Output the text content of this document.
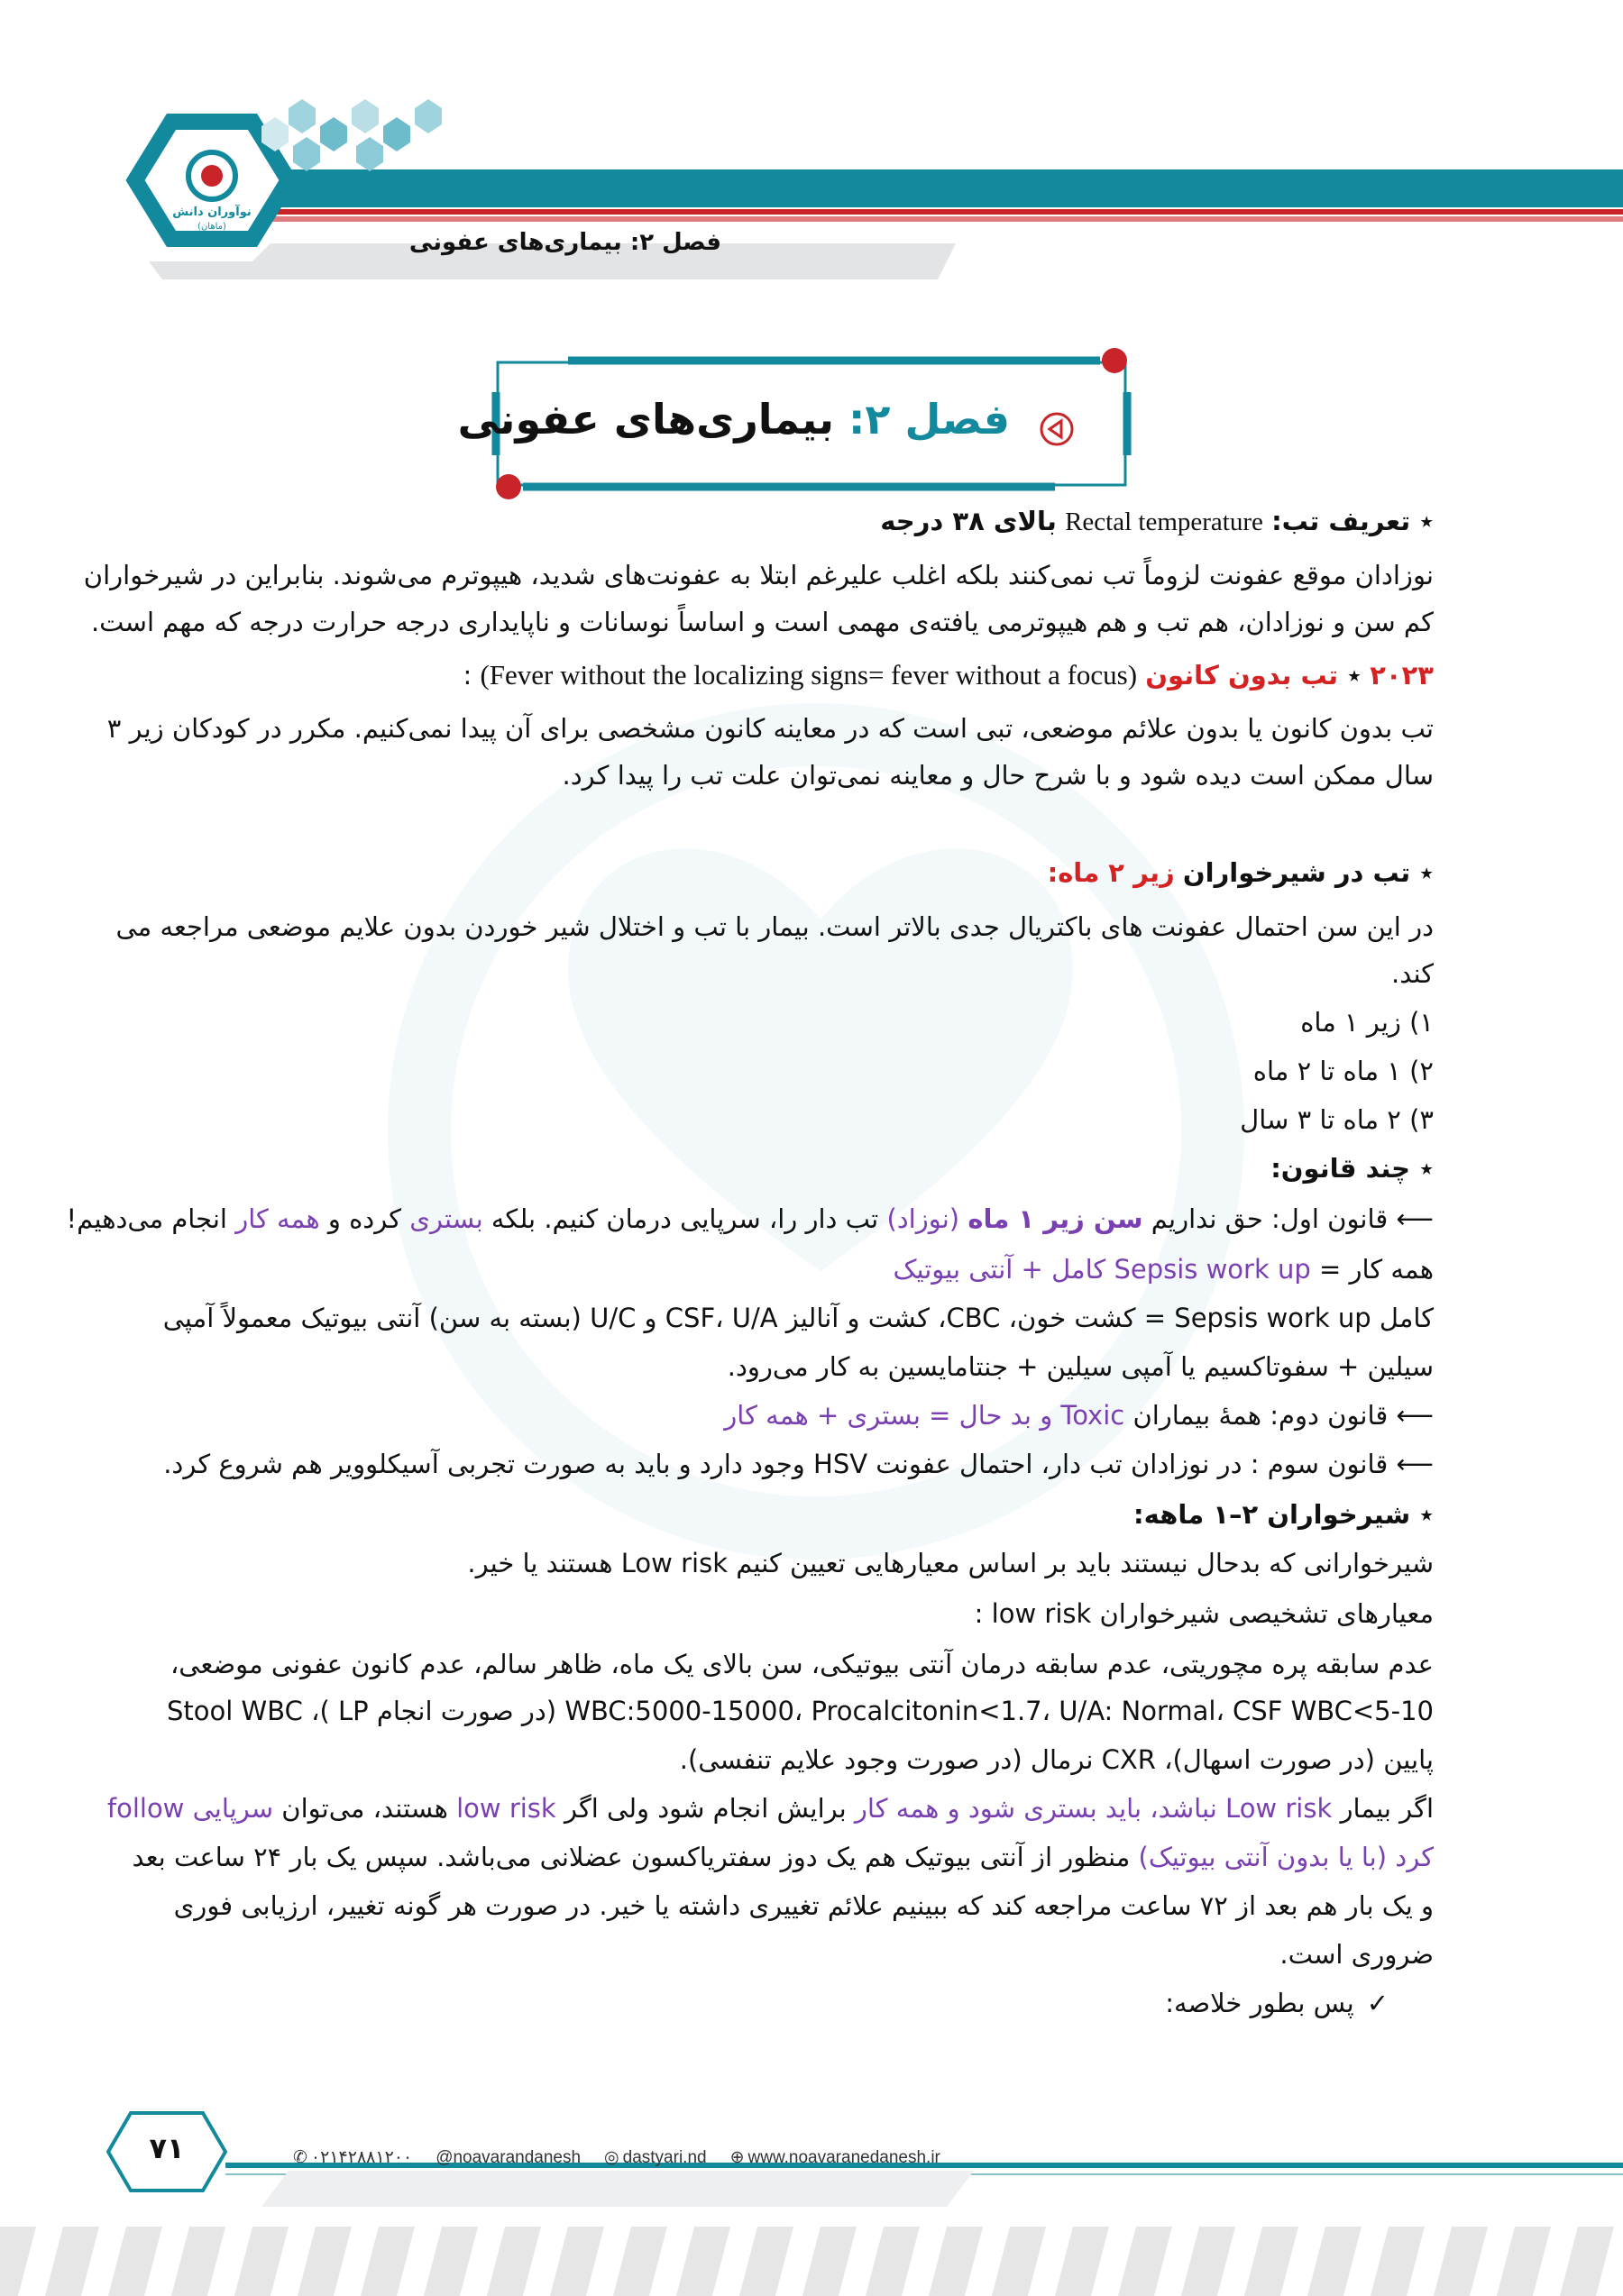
نوآوران دانش
(ماهان)
فصل ۲: بیماری‌های عفونی
فصل ۲: بیماری‌های عفونی
٭ تعریف تب: Rectal temperature بالای ۳۸ درجه
نوزادان موقع عفونت لزوماً تب نمی‌کنند بلکه اغلب علیرغم ابتلا به عفونت‌های شدید، هیپوترم می‌شوند. بنابراین در شیرخواران
کم سن و نوزادان، هم تب و هم هیپوترمی یافته‌ی مهمی است و اساساً نوسانات و ناپایداری درجه حرارت درجه که مهم است.
۲۰۲۳ ٭ تب بدون کانون (Fever without the localizing signs= fever without a focus) :
تب بدون کانون یا بدون علائم موضعی، تبی است که در معاینه کانون مشخصی برای آن پیدا نمی‌کنیم. مکرر در کودکان زیر ۳
سال ممکن است دیده شود و با شرح حال و معاینه نمی‌توان علت تب را پیدا کرد.
٭ تب در شیرخواران زیر ۲ ماه:
در این سن احتمال عفونت های باکتریال جدی بالاتر است. بیمار با تب و اختلال شیر خوردن بدون علایم موضعی مراجعه می
کند.
۱) زیر ۱ ماه
۲) ۱ ماه تا ۲ ماه
۳) ۲ ماه تا ۳ سال
٭ چند قانون:
⟵ قانون اول: حق نداریم سن زیر ۱ ماه (نوزاد) تب دار را، سرپایی درمان کنیم. بلکه بستری کرده و همه کار انجام می‌دهیم!
همه کار = Sepsis work up کامل + آنتی بیوتیک
کامل Sepsis work up = کشت خون، CBC، کشت و آنالیز CSF، U/A و U/C (بسته به سن) آنتی بیوتیک معمولاً آمپی
سیلین + سفوتاکسیم یا آمپی سیلین + جنتامایسین به کار می‌رود.
⟵ قانون دوم: همهٔ بیماران Toxic و بد حال = بستری + همه کار
⟵ قانون سوم : در نوزادان تب دار، احتمال عفونت HSV وجود دارد و باید به صورت تجربی آسیکلوویر هم شروع کرد.
٭ شیرخواران ۲–۱ ماهه:
شیرخوارانی که بدحال نیستند باید بر اساس معیارهایی تعیین کنیم Low risk هستند یا خیر.
معیارهای تشخیصی شیرخواران low risk :
عدم سابقه پره مچوریتی، عدم سابقه درمان آنتی بیوتیکی، سن بالای یک ماه، ظاهر سالم، عدم کانون عفونی موضعی،
WBC:5000-15000، Procalcitonin<1.7، U/A: Normal، CSF WBC<5-10 (در صورت انجام LP )، Stool WBC
پایین (در صورت اسهال)، CXR نرمال (در صورت وجود علایم تنفسی).
اگر بیمار Low risk نباشد، باید بستری شود و همه کار برایش انجام شود ولی اگر low risk هستند، می‌توان سرپایی follow
کرد (با یا بدون آنتی بیوتیک) منظور از آنتی بیوتیک هم یک دوز سفتریاکسون عضلانی می‌باشد. سپس یک بار ۲۴ ساعت بعد
و یک بار هم بعد از ۷۲ ساعت مراجعه کند که ببینیم علائم تغییری داشته یا خیر. در صورت هر گونه تغییر، ارزیابی فوری
ضروری است.
✓پس بطور خلاصه:
۷۱	✆ ۰۲۱۴۲۸۸۱۲۰۰ @noavarandanesh ◎ dastyari.nd ⊕ www.noavaranedanesh.ir
